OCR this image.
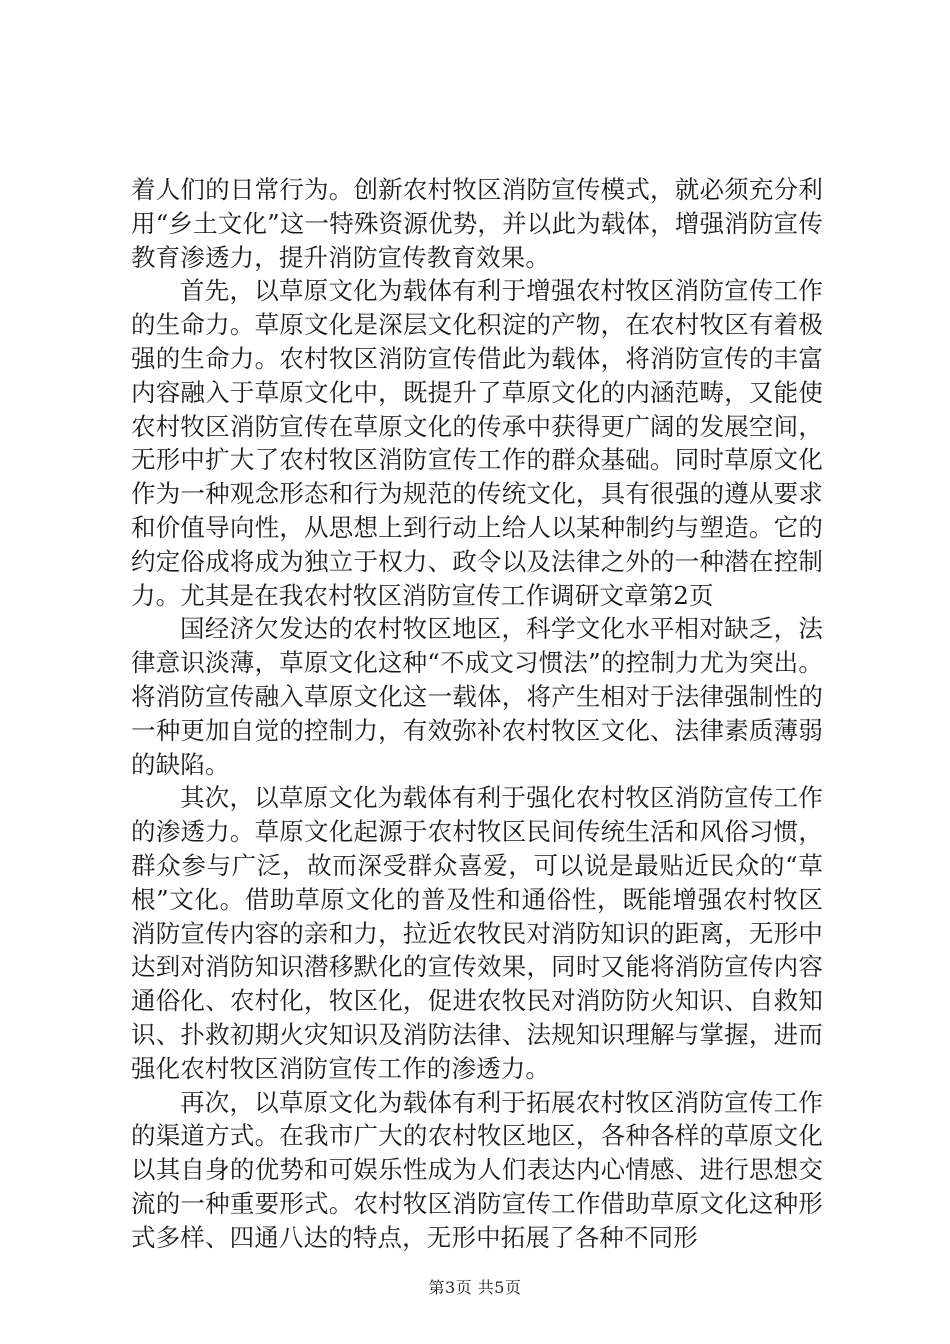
着人们的日常行为。创新农村牧区消防宣传模式，就必须充分利用“乡土文化”这一特殊资源优势，并以此为载体，增强消防宣传教育渗透力，提升消防宣传教育效果。

首先，以草原文化为载体有利于增强农村牧区消防宣传工作的生命力。草原文化是深层文化积淀的产物，在农村牧区有着极强的生命力。农村牧区消防宣传借此为载体，将消防宣传的丰富内容融入于草原文化中，既提升了草原文化的内涵范畴，又能使农村牧区消防宣传在草原文化的传承中获得更广阔的发展空间，无形中扩大了农村牧区消防宣传工作的群众基础。同时草原文化作为一种观念形态和行为规范的传统文化，具有很强的遵从要求和价值导向性，从思想上到行动上给人以某种制约与塑造。它的约定俗成将成为独立于权力、政令以及法律之外的一种潜在控制力。尤其是在我农村牧区消防宣传工作调研文章第2页

国经济欠发达的农村牧区地区，科学文化水平相对缺乏，法律意识淡薄，草原文化这种“不成文习惯法”的控制力尤为突出。将消防宣传融入草原文化这一载体，将产生相对于法律强制性的一种更加自觉的控制力，有效弥补农村牧区文化、法律素质薄弱的缺陷。

其次，以草原文化为载体有利于强化农村牧区消防宣传工作的渗透力。草原文化起源于农村牧区民间传统生活和风俗习惯，群众参与广泛，故而深受群众喜爱，可以说是最贴近民众的“草根”文化。借助草原文化的普及性和通俗性，既能增强农村牧区消防宣传内容的亲和力，拉近农牧民对消防知识的距离，无形中达到对消防知识潜移默化的宣传效果，同时又能将消防宣传内容通俗化、农村化，牧区化，促进农牧民对消防防火知识、自救知识、扑救初期火灾知识及消防法律、法规知识理解与掌握，进而强化农村牧区消防宣传工作的渗透力。

再次，以草原文化为载体有利于拓展农村牧区消防宣传工作的渠道方式。在我市广大的农村牧区地区，各种各样的草原文化以其自身的优势和可娱乐性成为人们表达内心情感、进行思想交流的一种重要形式。农村牧区消防宣传工作借助草原文化这种形式多样、四通八达的特点，无形中拓展了各种不同形

第3页 共5页
